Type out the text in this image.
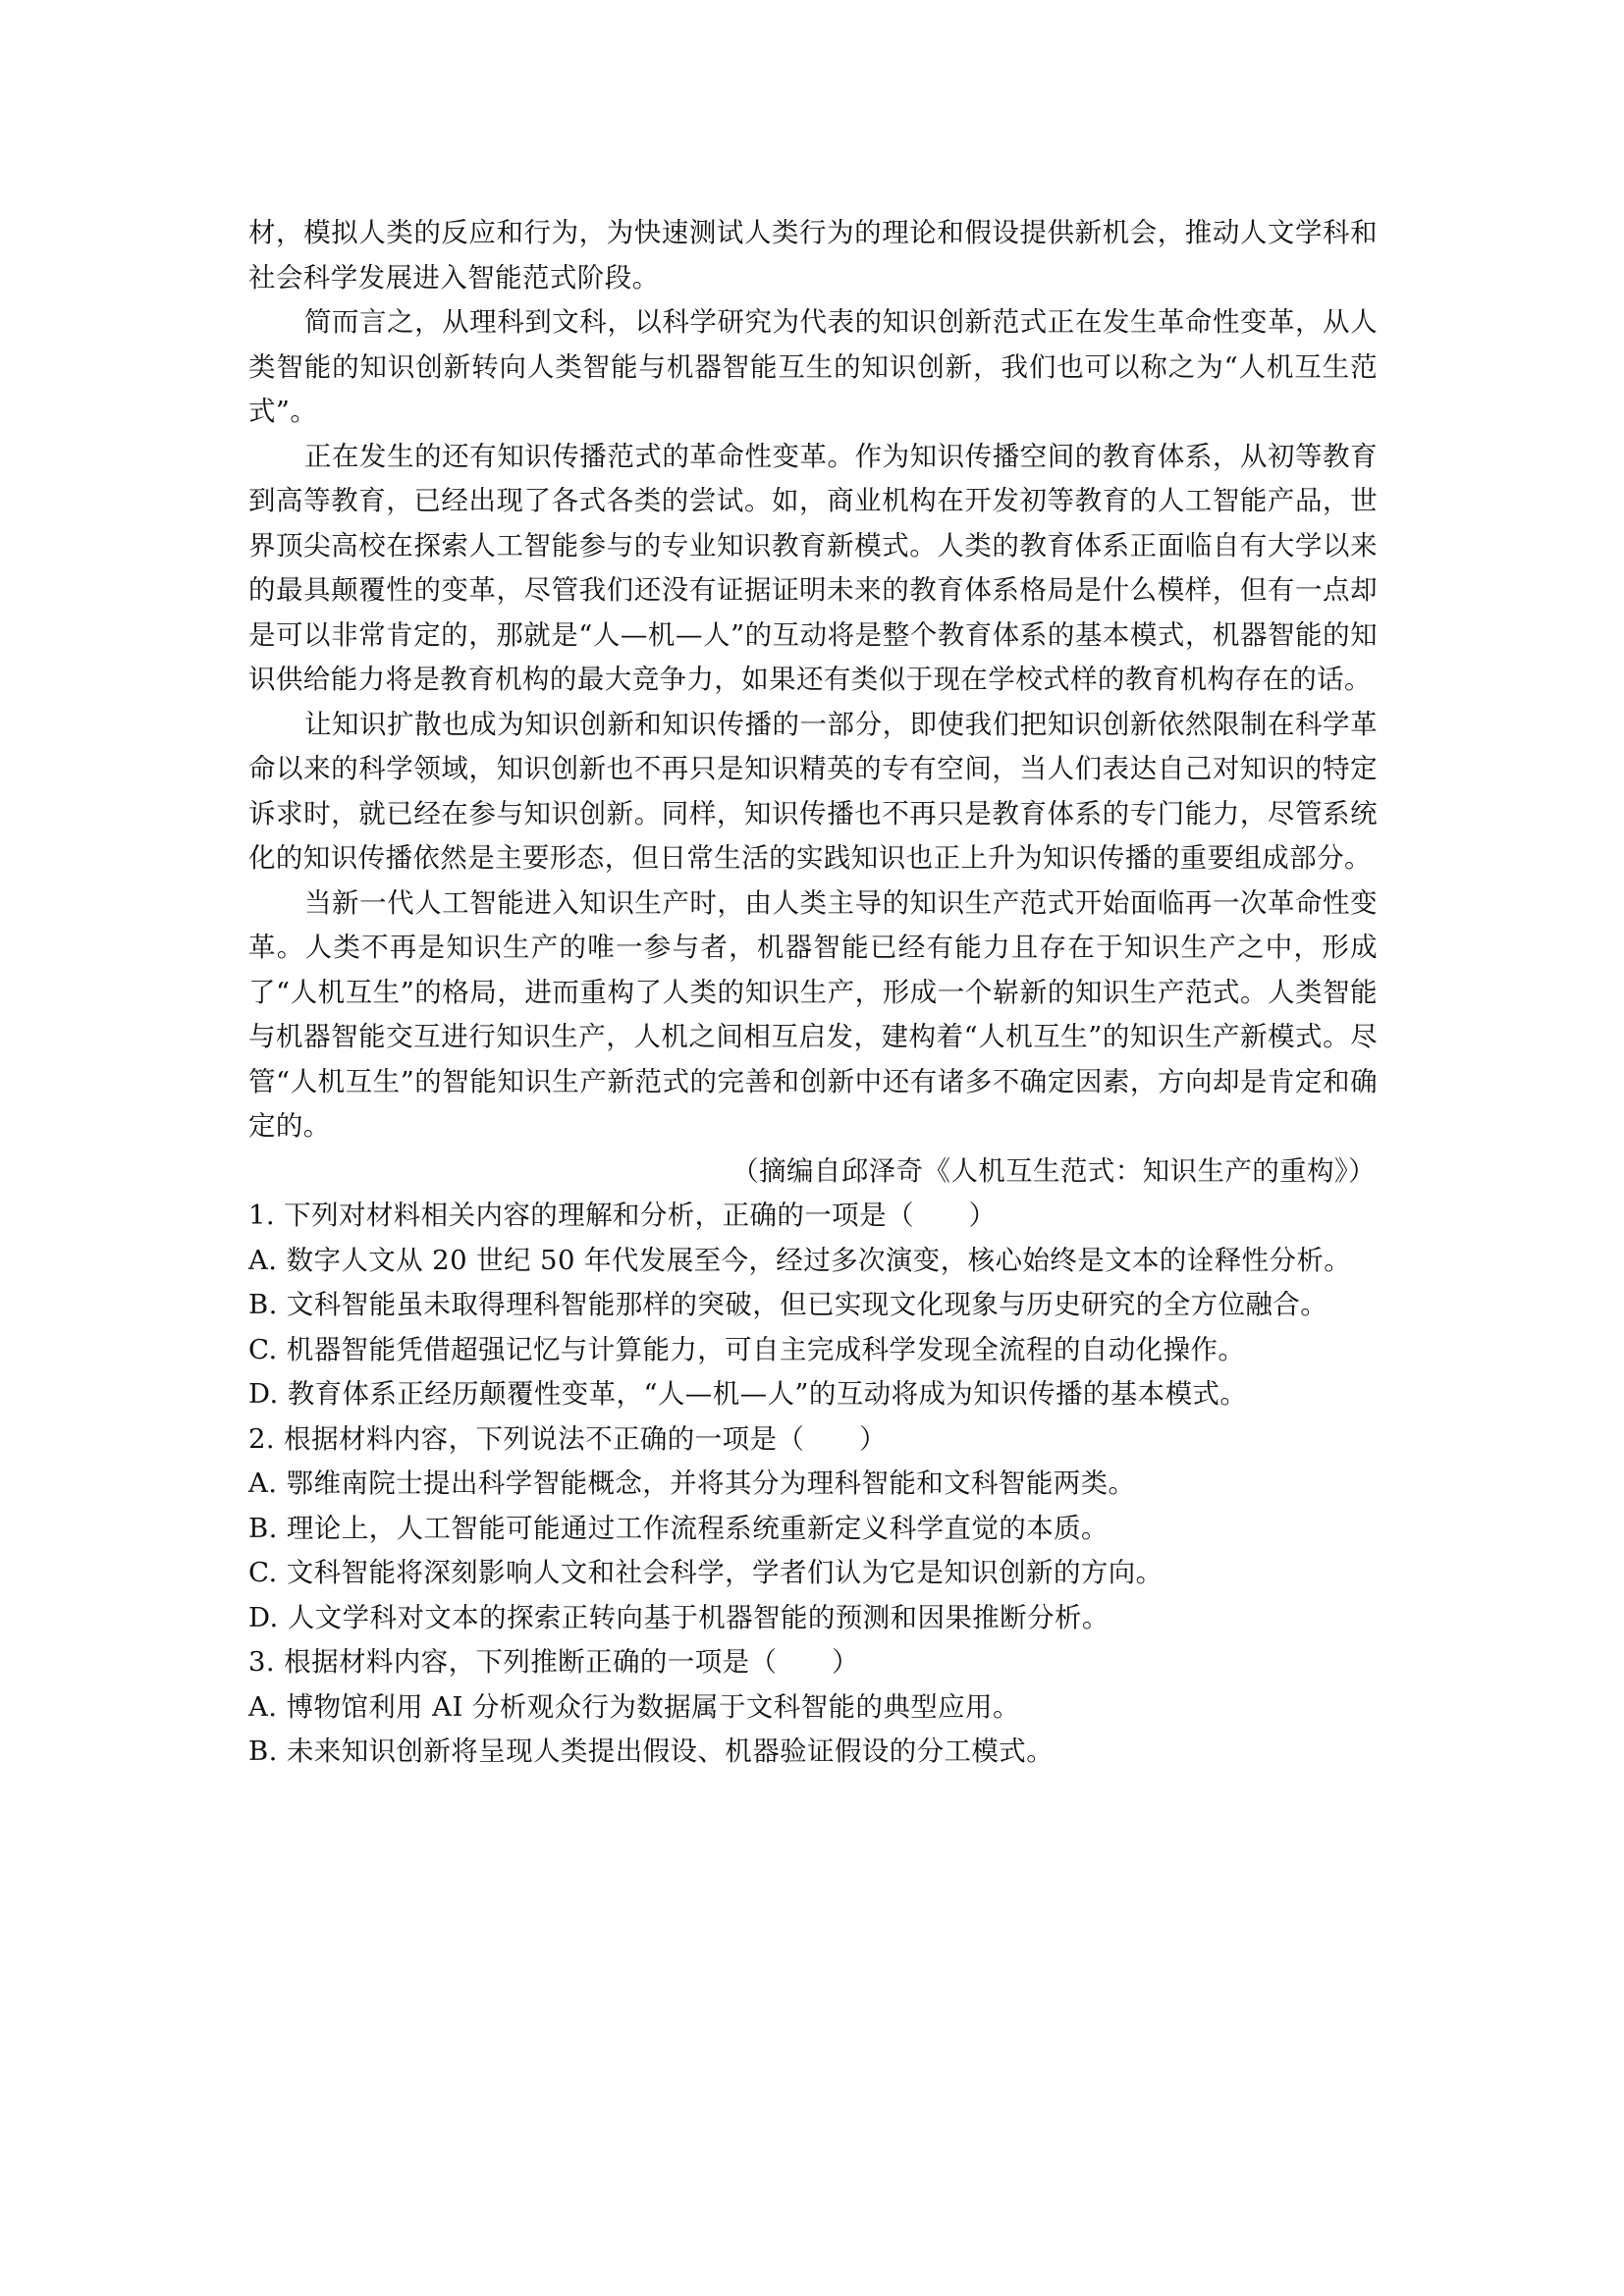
材，模拟人类的反应和行为，为快速测试人类行为的理论和假设提供新机会，推动人文学科和社会科学发展进入智能范式阶段。

简而言之，从理科到文科，以科学研究为代表的知识创新范式正在发生革命性变革，从人类智能的知识创新转向人类智能与机器智能互生的知识创新，我们也可以称之为“人机互生范式”。

正在发生的还有知识传播范式的革命性变革。作为知识传播空间的教育体系，从初等教育到高等教育，已经出现了各式各类的尝试。如，商业机构在开发初等教育的人工智能产品，世界顶尖高校在探索人工智能参与的专业知识教育新模式。人类的教育体系正面临自有大学以来的最具颠覆性的变革，尽管我们还没有证据证明未来的教育体系格局是什么模样，但有一点却是可以非常肯定的，那就是“人—机—人”的互动将是整个教育体系的基本模式，机器智能的知识供给能力将是教育机构的最大竞争力，如果还有类似于现在学校式样的教育机构存在的话。

让知识扩散也成为知识创新和知识传播的一部分，即使我们把知识创新依然限制在科学革命以来的科学领域，知识创新也不再只是知识精英的专有空间，当人们表达自己对知识的特定诉求时，就已经在参与知识创新。同样，知识传播也不再只是教育体系的专门能力，尽管系统化的知识传播依然是主要形态，但日常生活的实践知识也正上升为知识传播的重要组成部分。

当新一代人工智能进入知识生产时，由人类主导的知识生产范式开始面临再一次革命性变革。人类不再是知识生产的唯一参与者，机器智能已经有能力且存在于知识生产之中，形成了“人机互生”的格局，进而重构了人类的知识生产，形成一个崭新的知识生产范式。人类智能与机器智能交互进行知识生产，人机之间相互启发，建构着“人机互生”的知识生产新模式。尽管“人机互生”的智能知识生产新范式的完善和创新中还有诸多不确定因素，方向却是肯定和确定的。

（摘编自邱泽奇《人机互生范式：知识生产的重构》）
1. 下列对材料相关内容的理解和分析，正确的一项是（　　）
A. 数字人文从 20 世纪 50 年代发展至今，经过多次演变，核心始终是文本的诠释性分析。
B. 文科智能虽未取得理科智能那样的突破，但已实现文化现象与历史研究的全方位融合。
C. 机器智能凭借超强记忆与计算能力，可自主完成科学发现全流程的自动化操作。
D. 教育体系正经历颠覆性变革，“人—机—人”的互动将成为知识传播的基本模式。
2. 根据材料内容，下列说法不正确的一项是（　　）
A. 鄂维南院士提出科学智能概念，并将其分为理科智能和文科智能两类。
B. 理论上，人工智能可能通过工作流程系统重新定义科学直觉的本质。
C. 文科智能将深刻影响人文和社会科学，学者们认为它是知识创新的方向。
D. 人文学科对文本的探索正转向基于机器智能的预测和因果推断分析。
3. 根据材料内容，下列推断正确的一项是（　　）
A. 博物馆利用 AI 分析观众行为数据属于文科智能的典型应用。
B. 未来知识创新将呈现人类提出假设、机器验证假设的分工模式。
